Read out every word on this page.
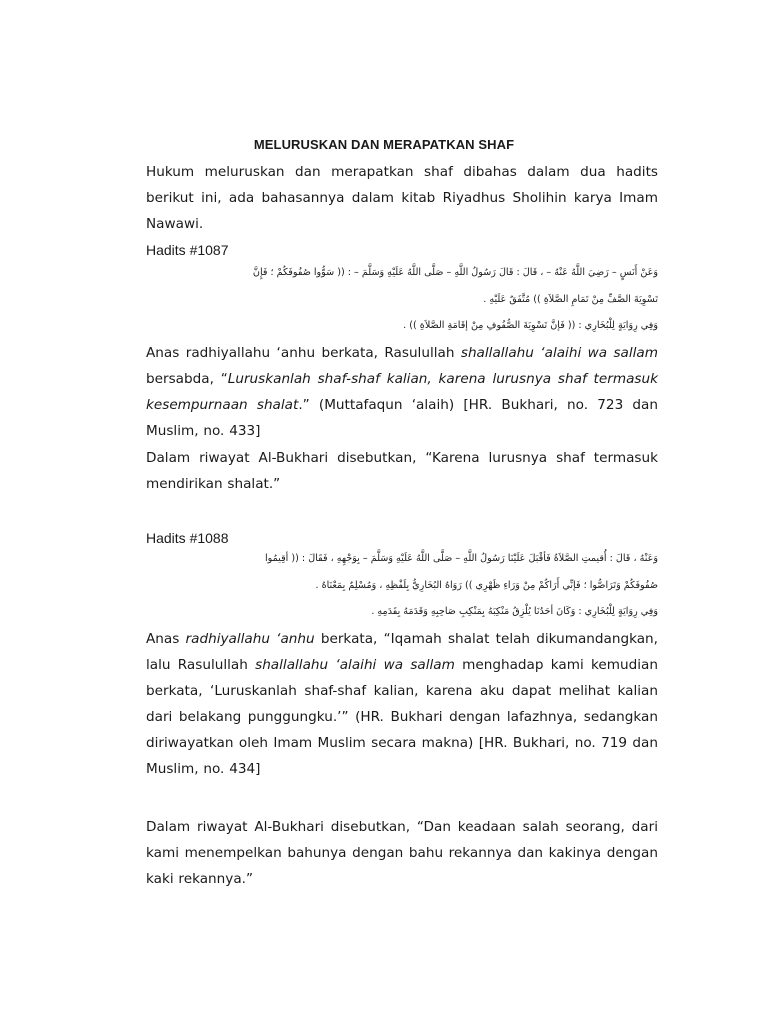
MELURUSKAN DAN MERAPATKAN SHAF
Hukum meluruskan dan merapatkan shaf dibahas dalam dua hadits berikut ini, ada bahasannya dalam kitab Riyadhus Sholihin karya Imam Nawawi.
Hadits #1087
وَعَنْ أَنَسٍ – رَضِيَ اللَّهُ عَنْهُ – ، قَالَ : قَالَ رَسُولُ اللَّهِ – صَلَّى اللَّهُ عَلَيْهِ وَسَلَّمَ – : (( سَوُّوا صُفُوفَكُمْ ؛ فَإِنَّ
تَسْوِيَةَ الصَّفِّ مِنْ تَمَامِ الصَّلاَةِ )) مُتَّفَقٌ عَلَيْهِ .
وَفِي رِوَايَةٍ لِلْبُخَارِي : (( فَإنَّ تَسْوِيَةَ الصُّفُوفِ مِنْ إقَامَةِ الصَّلاَةِ )) .
Anas radhiyallahu ‘anhu berkata, Rasulullah shallallahu ‘alaihi wa sallam bersabda, “Luruskanlah shaf-shaf kalian, karena lurusnya shaf termasuk kesempurnaan shalat.” (Muttafaqun ‘alaih) [HR. Bukhari, no. 723 dan Muslim, no. 433]
Dalam riwayat Al-Bukhari disebutkan, “Karena lurusnya shaf termasuk mendirikan shalat.”
Hadits #1088
وَعَنْهُ ، قَالَ : أُقيمتِ الصَّلاَةُ فَأقْبَلَ عَلَيْنَا رَسُولُ اللَّهِ – صَلَّى اللَّهُ عَلَيْهِ وَسَلَّمَ – بِوَجْهِهِ ، فَقَالَ : (( أقِيمُوا
صُفُوفَكُمْ وَتَرَاصُّوا ؛ فَإنِّي أَرَاكُمْ مِنْ وَرَاءِ ظَهْرِي )) رَوَاهُ البُخَارِيُّ بِلَفْظِهِ ، وَمُسْلِمٌ بِمَعْنَاهُ .
وَفِي رِوَايَةٍ لِلْبُخَارِي : وَكَانَ أحَدُنَا يُلْزِقُ مَنْكِبَهُ بِمَنْكِبِ صَاحِبِهِ وَقَدَمَهُ بِقَدَمِهِ .
Anas radhiyallahu ‘anhu berkata, “Iqamah shalat telah dikumandangkan, lalu Rasulullah shallallahu ‘alaihi wa sallam menghadap kami kemudian berkata, ‘Luruskanlah shaf-shaf kalian, karena aku dapat melihat kalian dari belakang punggungku.’” (HR. Bukhari dengan lafazhnya, sedangkan diriwayatkan oleh Imam Muslim secara makna) [HR. Bukhari, no. 719 dan Muslim, no. 434]
Dalam riwayat Al-Bukhari disebutkan, “Dan keadaan salah seorang, dari kami menempelkan bahunya dengan bahu rekannya dan kakinya dengan kaki rekannya.”
